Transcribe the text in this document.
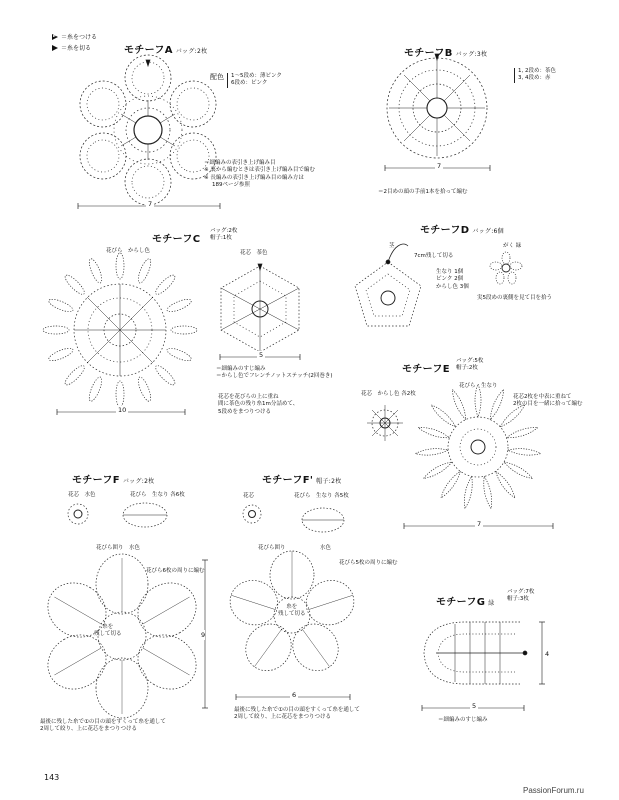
＝糸をつける
＝糸を切る	モチーフA バッグ:2枚
配色 1〜5段め：薄ピンク
6段め：ピンク
＝細編みの表引き上げ編み目
※ 裏から編むときは表引き上げ編み目で編む
※ 長編みの表引き上げ編み目の編み方は
189ページ参照
7
モチーフB バッグ:3枚
1, 2段め：茶色
3, 4段め：赤
7
＝2目めの頭の手前1本を拾って編む
モチーフC
バッグ:2枚
帽子:1枚
花びら　からし色	花芯　茶色
10
5
＝細編みのすじ編み
＝からし色でフレンチノットステッチ(2回巻き)
花芯を花びらの上に重ね
間に茶色の残り糸1m分詰めて、
5段めをまつりつける
モチーフD バッグ:6個
茎
7cm残して切る
生なり 1個
ピンク 2個
からし色 3個
がく 緑
実5段めの裏側を見て目を拾う
モチーフE
バッグ:5枚
帽子:2枚
花びら　生なり
花芯　からし色 各2枚	花芯2枚を中表に重ねて
2枚の目を一緒に拾って編む
7
モチーフF バッグ:2枚
花芯　水色	花びら　生なり 各6枚
花びら囲り　水色
花びら6枚の周りに編む
糸を
残して切る	9
最後に残した糸で①の目の頭をすくって糸を通して
2周して絞り、上に花芯をまつりつける
モチーフF' 帽子:2枚
花芯	花びら　生なり 各5枚
花びら囲り	水色
花びら5枚の周りに編む
糸を
残して切る
6
最後に残した糸で①の目の頭をすくって糸を通して
2周して絞り、上に花芯をまつりつける
モチーフG 緑
バッグ:7枚
帽子:3枚
4
5
＝細編みのすじ編み
143
PassionForum.ru
